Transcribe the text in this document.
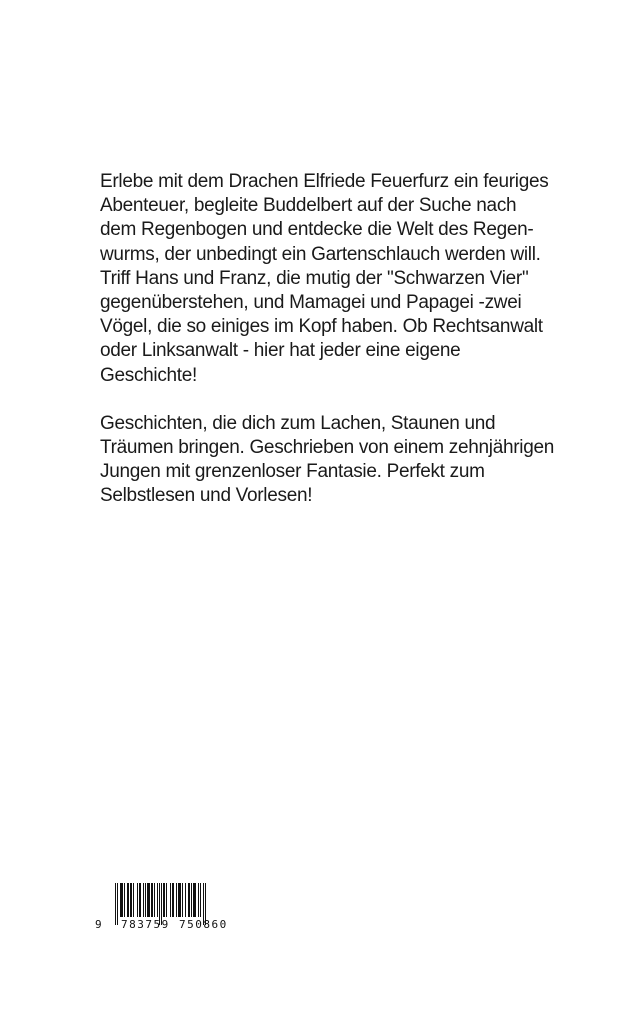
Erlebe mit dem Drachen Elfriede Feuerfurz ein feuriges
Abenteuer, begleite Buddelbert auf der Suche nach
dem Regenbogen und entdecke die Welt des Regen-
wurms, der unbedingt ein Gartenschlauch werden will.
Triff Hans und Franz, die mutig der "Schwarzen Vier"
gegenüberstehen, und Mamagei und Papagei -zwei
Vögel, die so einiges im Kopf haben. Ob Rechtsanwalt
oder Linksanwalt - hier hat jeder eine eigene
Geschichte!

Geschichten, die dich zum Lachen, Staunen und
Träumen bringen. Geschrieben von einem zehnjährigen
Jungen mit grenzenloser Fantasie. Perfekt zum
Selbstlesen und Vorlesen!

9 783759 750860
